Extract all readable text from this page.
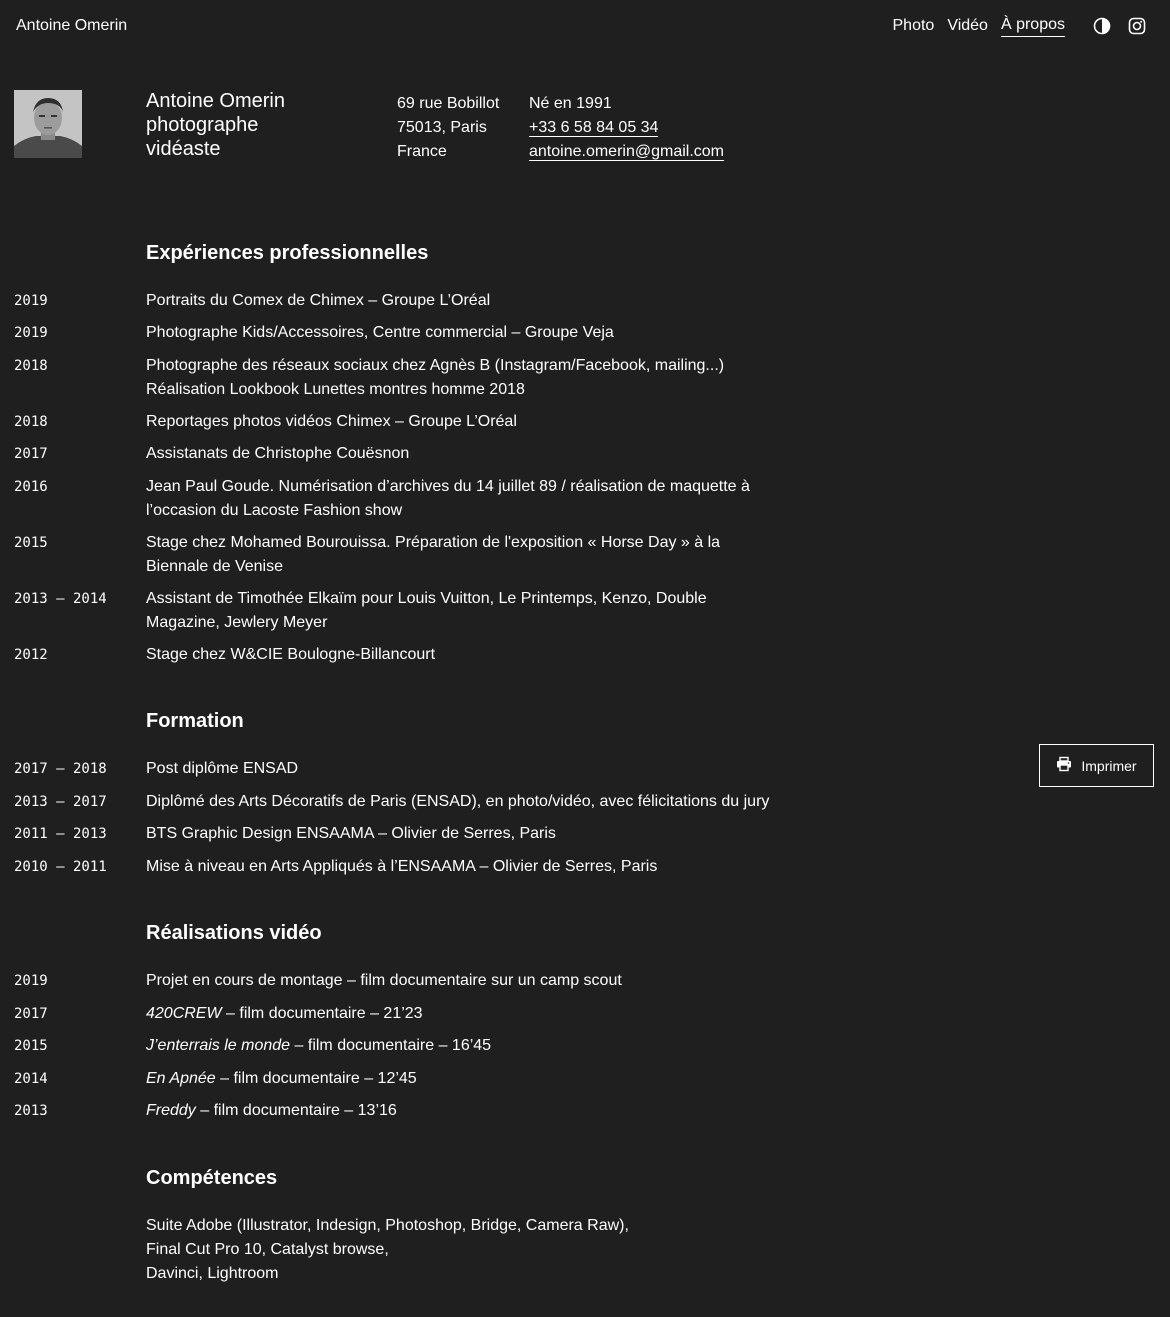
Antoine Omerin	Photo Vidéo À propos
Antoine Omerin
photographe
vidéaste
69 rue Bobillot
75013, Paris
France
Né en 1991
+33 6 58 84 05 34
antoine.omerin@gmail.com
Expériences professionnelles
2019	Portraits du Comex de Chimex – Groupe L’Oréal
2019	Photographe Kids/Accessoires, Centre commercial – Groupe Veja
2018	Photographe des réseaux sociaux chez Agnès B (Instagram/Facebook, mailing...)
Réalisation Lookbook Lunettes montres homme 2018
2018	Reportages photos vidéos Chimex – Groupe L’Oréal
2017	Assistanats de Christophe Couësnon
2016	Jean Paul Goude. Numérisation d’archives du 14 juillet 89 / réalisation de maquette à
l’occasion du Lacoste Fashion show
2015	Stage chez Mohamed Bourouissa. Préparation de l'exposition « Horse Day » à la
Biennale de Venise
2013 – 2014 Assistant de Timothée Elkaïm pour Louis Vuitton, Le Printemps, Kenzo, Double
Magazine, Jewlery Meyer
2012	Stage chez W&CIE Boulogne-Billancourt
Formation
2017 – 2018 Post diplôme ENSAD
2013 – 2017 Diplômé des Arts Décoratifs de Paris (ENSAD), en photo/vidéo, avec félicitations du jury
2011 – 2013 BTS Graphic Design ENSAAMA – Olivier de Serres, Paris
2010 – 2011 Mise à niveau en Arts Appliqués à l’ENSAAMA – Olivier de Serres, Paris
Imprimer
Réalisations vidéo
2019	Projet en cours de montage – film documentaire sur un camp scout
2017	420CREW – film documentaire – 21’23
2015	J’enterrais le monde – film documentaire – 16’45
2014	En Apnée – film documentaire – 12’45
2013	Freddy – film documentaire – 13’16
Compétences
Suite Adobe (Illustrator, Indesign, Photoshop, Bridge, Camera Raw),
Final Cut Pro 10, Catalyst browse,
Davinci, Lightroom
